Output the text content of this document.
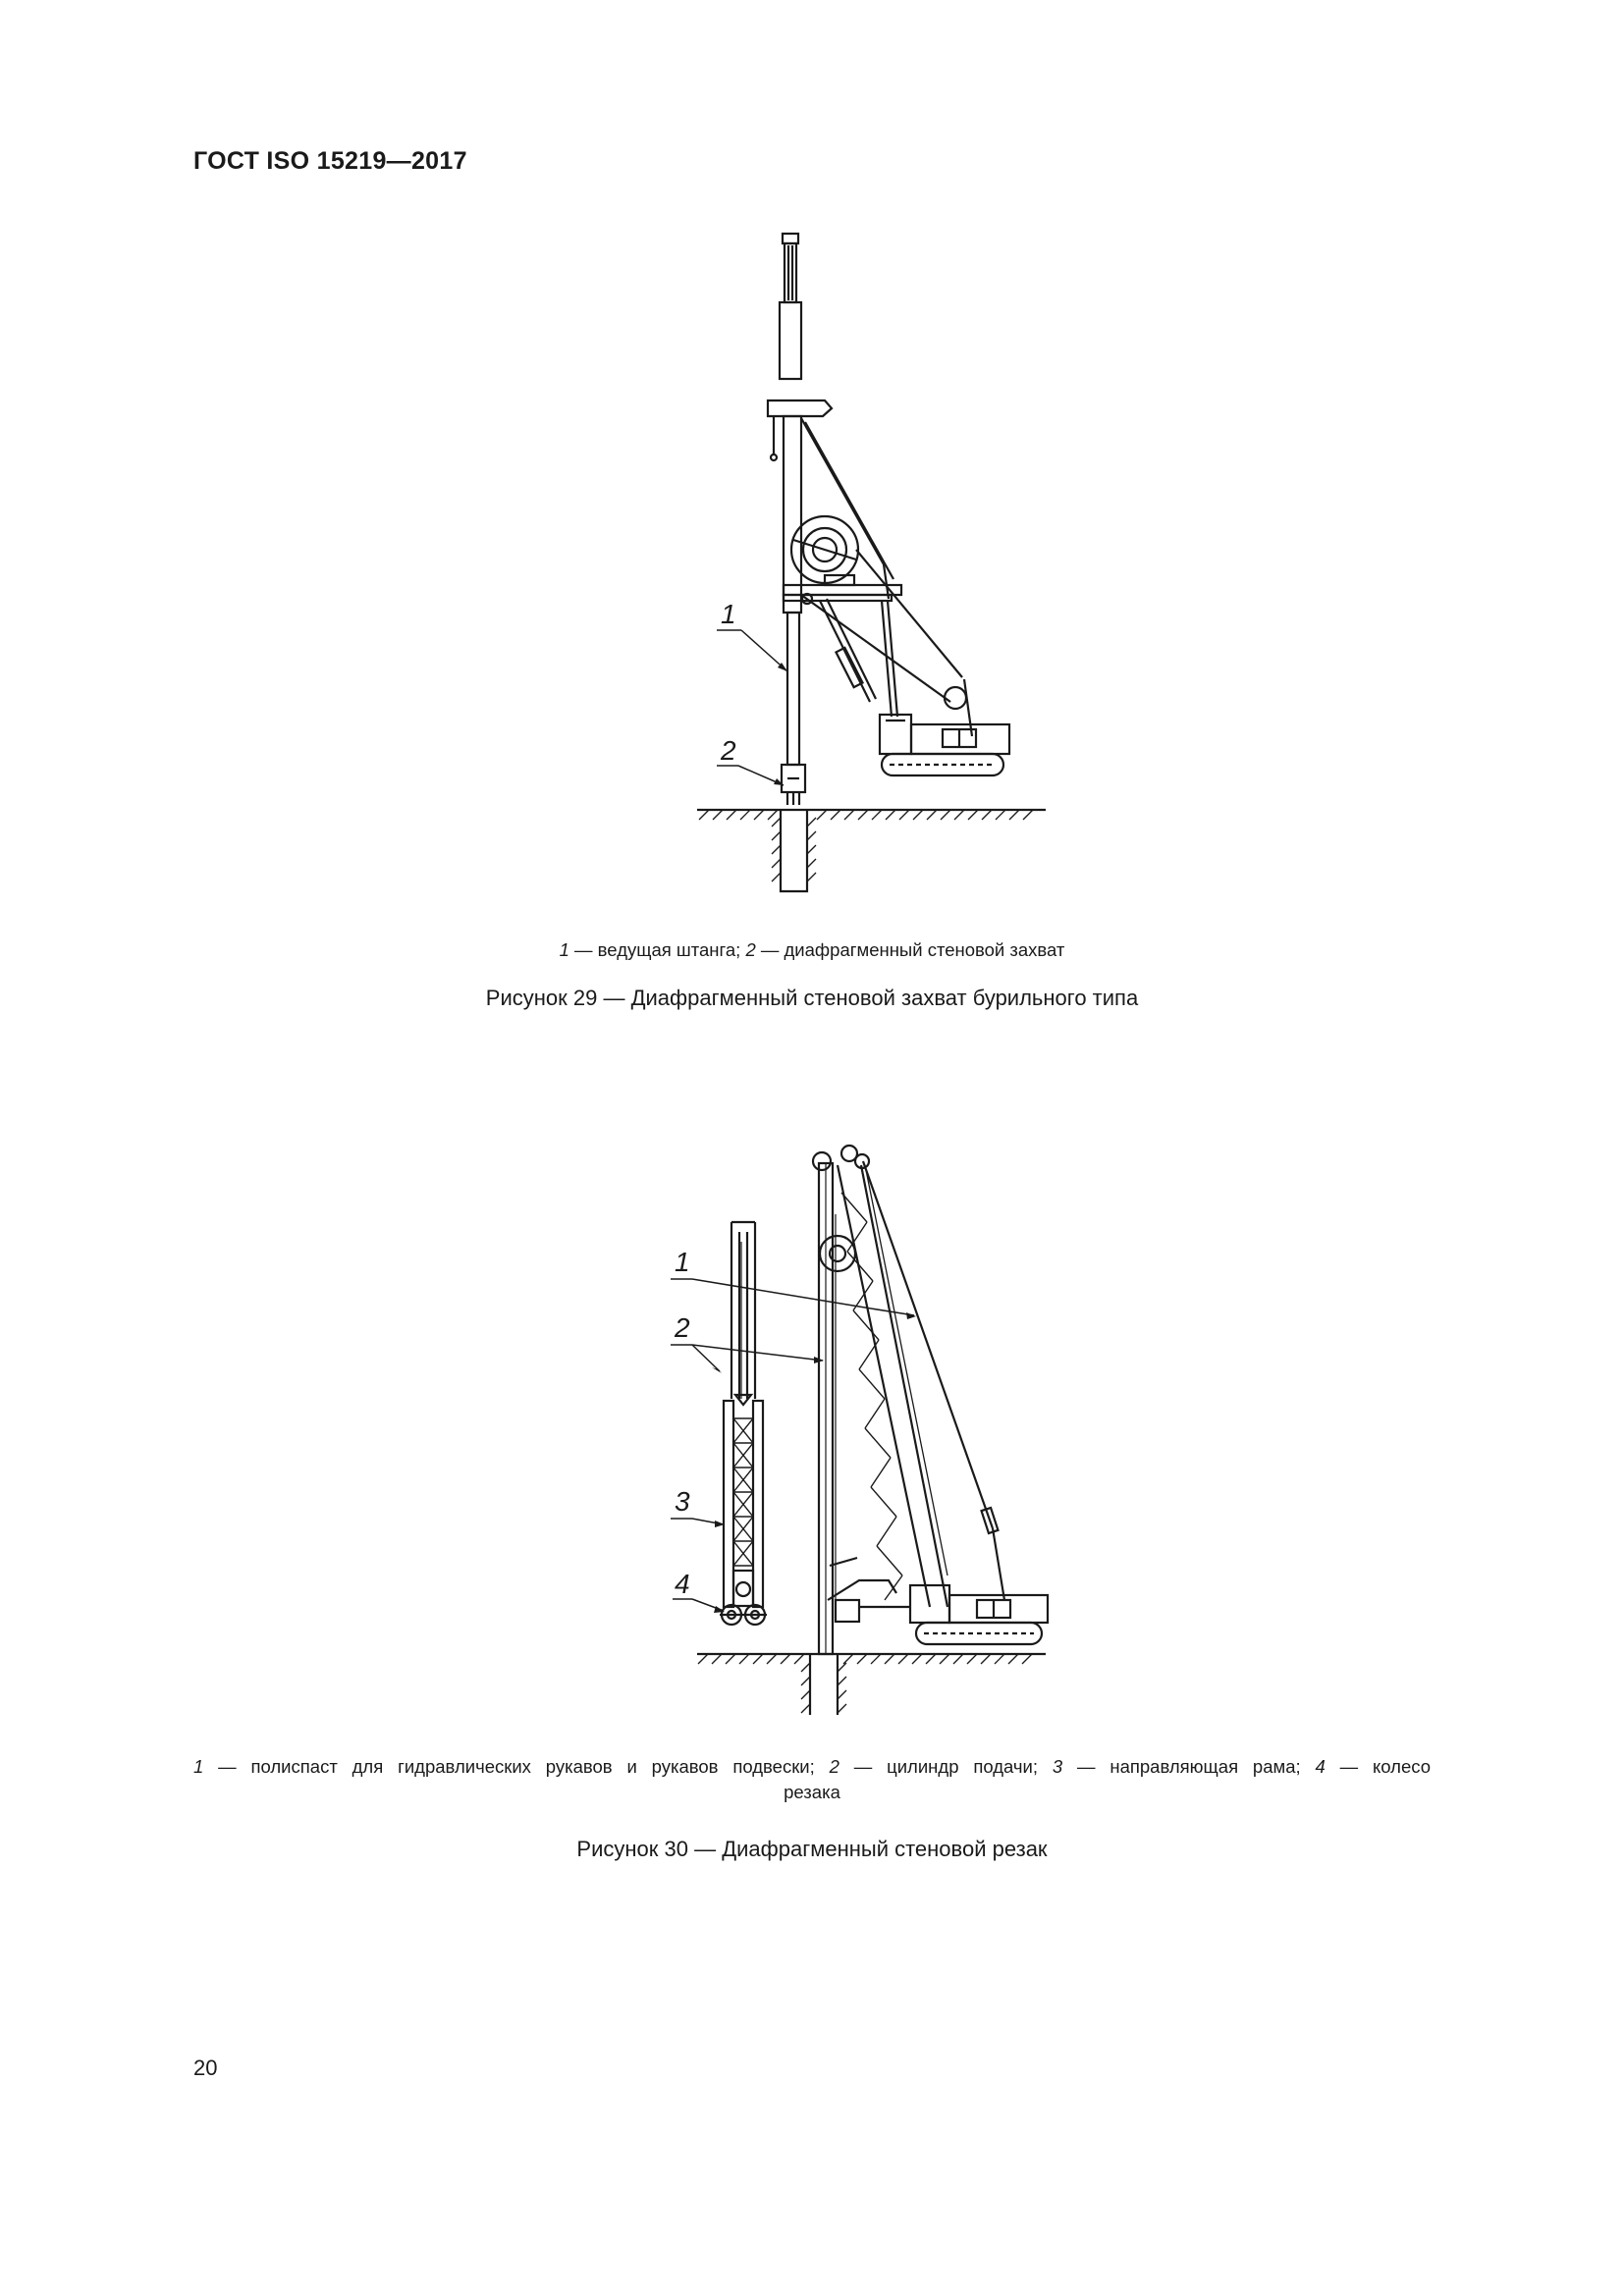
ГОСТ ISO 15219—2017
1
2
1 — ведущая штанга; 2 — диафрагменный стеновой захват
Рисунок 29 — Диафрагменный стеновой захват бурильного типа
1
2
3
4
1 — полиспаст для гидравлических рукавов и рукавов подвески; 2 — цилиндр подачи; 3 — направляющая рама; 4 — колесо
резака
Рисунок 30 — Диафрагменный стеновой резак
20
